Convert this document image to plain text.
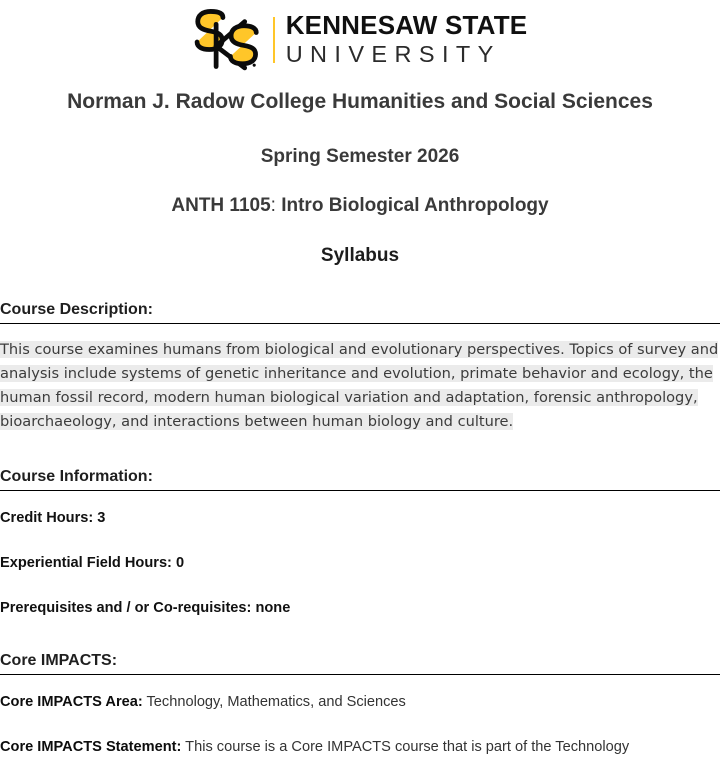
KENNESAW STATE
UNIVERSITY
Norman J. Radow College Humanities and Social Sciences
Spring Semester 2026
ANTH 1105: Intro Biological Anthropology
Syllabus
Course Description:

This course examines humans from biological and evolutionary perspectives. Topics of survey and analysis include systems of genetic inheritance and evolution, primate behavior and ecology, the human fossil record, modern human biological variation and adaptation, forensic anthropology, bioarchaeology, and interactions between human biology and culture.

Course Information:
Credit Hours: 3
Experiential Field Hours: 0
Prerequisites and / or Co-requisites: none
Core IMPACTS:
Core IMPACTS Area: Technology, Mathematics, and Sciences
Core IMPACTS Statement: This course is a Core IMPACTS course that is part of the Technology
